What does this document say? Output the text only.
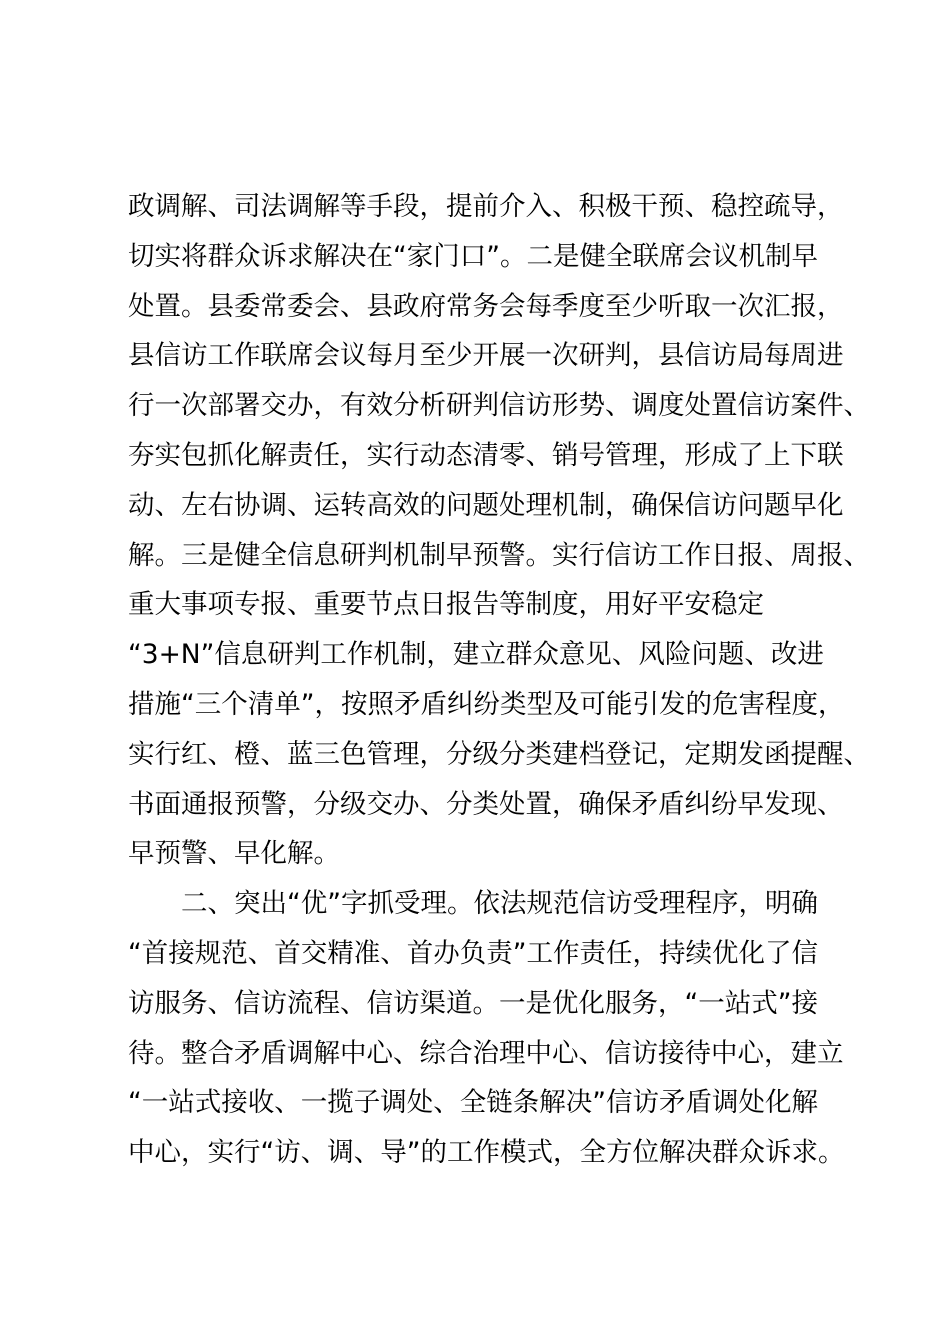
政调解、司法调解等手段，提前介入、积极干预、稳控疏导，
切实将群众诉求解决在“家门口”。二是健全联席会议机制早
处置。县委常委会、县政府常务会每季度至少听取一次汇报，
县信访工作联席会议每月至少开展一次研判，县信访局每周进
行一次部署交办，有效分析研判信访形势、调度处置信访案件、
夯实包抓化解责任，实行动态清零、销号管理，形成了上下联
动、左右协调、运转高效的问题处理机制，确保信访问题早化
解。三是健全信息研判机制早预警。实行信访工作日报、周报、
重大事项专报、重要节点日报告等制度，用好平安稳定
“3+N”信息研判工作机制，建立群众意见、风险问题、改进
措施“三个清单”，按照矛盾纠纷类型及可能引发的危害程度，
实行红、橙、蓝三色管理，分级分类建档登记，定期发函提醒、
书面通报预警，分级交办、分类处置，确保矛盾纠纷早发现、
早预警、早化解。
　　二、突出“优”字抓受理。依法规范信访受理程序，明确
“首接规范、首交精准、首办负责”工作责任，持续优化了信
访服务、信访流程、信访渠道。一是优化服务，“一站式”接
待。整合矛盾调解中心、综合治理中心、信访接待中心，建立
“一站式接收、一揽子调处、全链条解决”信访矛盾调处化解
中心，实行“访、调、导”的工作模式，全方位解决群众诉求。
